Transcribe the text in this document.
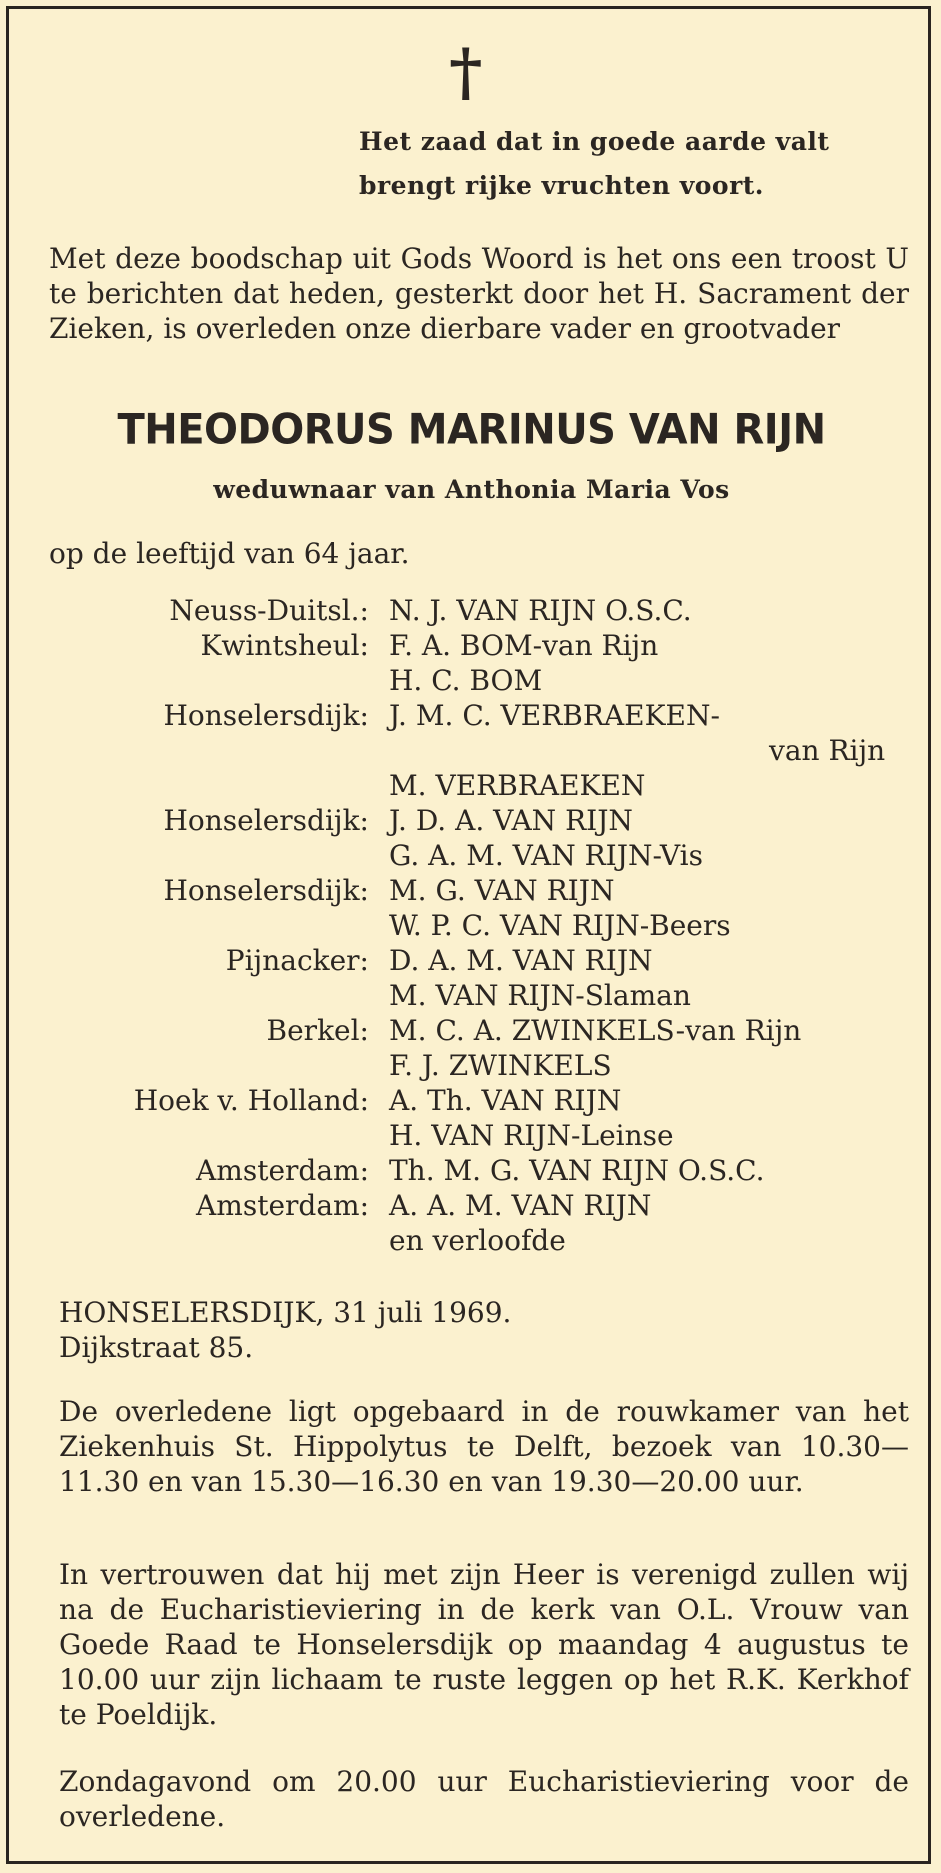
†
Het zaad dat in goede aarde valt
brengt rijke vruchten voort.
Met deze boodschap uit Gods Woord is het ons een troost U te berichten dat heden, gesterkt door het H. Sacrament der Zieken, is overleden onze dierbare vader en grootvader
THEODORUS MARINUS VAN RIJN
weduwnaar van Anthonia Maria Vos
op de leeftijd van 64 jaar.
Neuss-Duitsl.: N. J. VAN RIJN O.S.C.
Kwintsheul: F. A. BOM-van Rijn
H. C. BOM
Honselersdijk: J. M. C. VERBRAEKEN-
van Rijn
M. VERBRAEKEN
Honselersdijk: J. D. A. VAN RIJN
G. A. M. VAN RIJN-Vis
Honselersdijk: M. G. VAN RIJN
W. P. C. VAN RIJN-Beers
Pijnacker: D. A. M. VAN RIJN
M. VAN RIJN-Slaman
Berkel: M. C. A. ZWINKELS-van Rijn
F. J. ZWINKELS
Hoek v. Holland: A. Th. VAN RIJN
H. VAN RIJN-Leinse
Amsterdam: Th. M. G. VAN RIJN O.S.C.
Amsterdam: A. A. M. VAN RIJN
en verloofde
HONSELERSDIJK, 31 juli 1969.
Dijkstraat 85.
De overledene ligt opgebaard in de rouwkamer van het Ziekenhuis St. Hippolytus te Delft, bezoek van 10.30—11.30 en van 15.30—16.30 en van 19.30—20.00 uur.
In vertrouwen dat hij met zijn Heer is verenigd zullen wij na de Eucharistieviering in de kerk van O.L. Vrouw van Goede Raad te Honselersdijk op maandag 4 augustus te 10.00 uur zijn lichaam te ruste leggen op het R.K. Kerkhof te Poeldijk.
Zondagavond om 20.00 uur Eucharistieviering voor de overledene.
